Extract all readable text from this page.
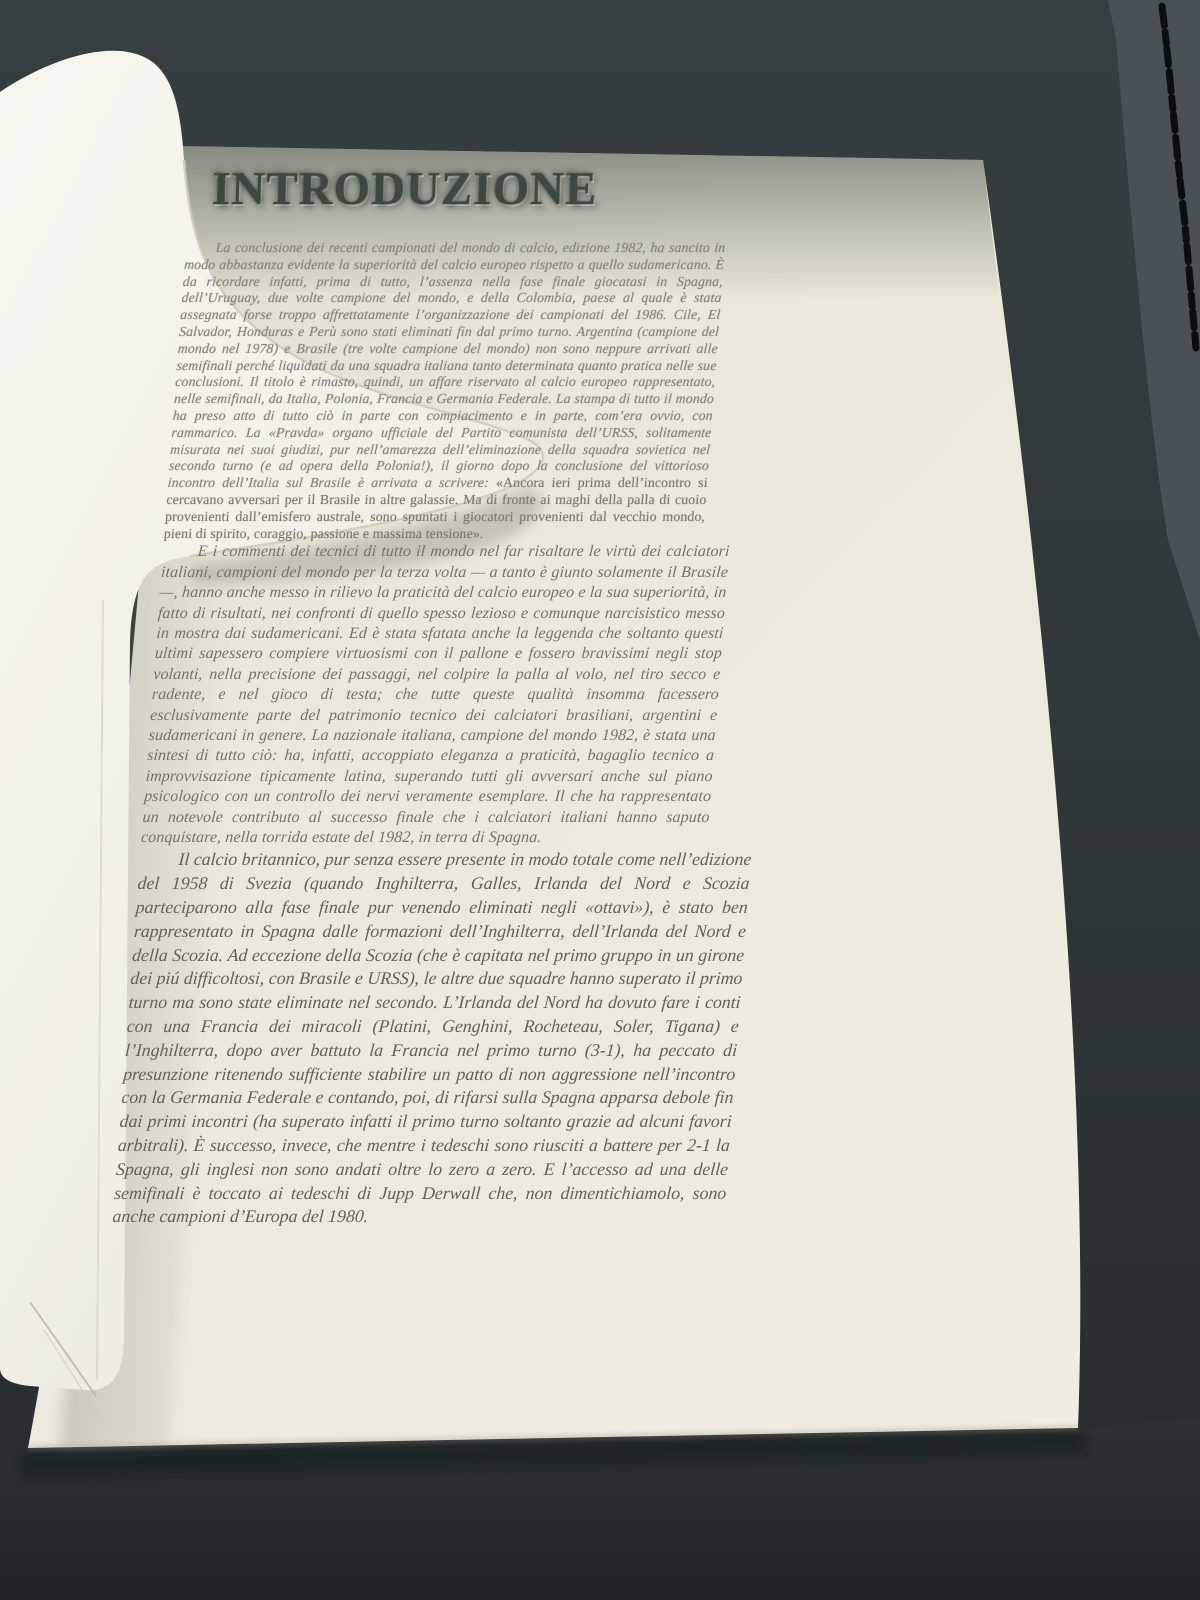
INTRODUZIONE

La conclusione dei recenti campionati del mondo di calcio, edizione 1982, ha sancito in modo abbastanza evidente la superiorità del calcio europeo rispetto a quello sudamericano. È da ricordare infatti, prima di tutto, l’assenza nella fase finale giocatasi in Spagna, dell’Uruguay, due volte campione del mondo, e della Colombia, paese al quale è stata assegnata forse troppo affrettatamente l’organizzazione dei campionati del 1986. Cile, El Salvador, Honduras e Perù sono stati eliminati fin dal primo turno. Argentina (campione del mondo nel 1978) e Brasile (tre volte campione del mondo) non sono neppure arrivati alle semifinali perché liquidati da una squadra italiana tanto determinata quanto pratica nelle sue conclusioni. Il titolo è rimasto, quindi, un affare riservato al calcio europeo rappresentato, nelle semifinali, da Italia, Polonia, Francia e Germania Federale. La stampa di tutto il mondo ha preso atto di tutto ciò in parte con compiacimento e in parte, com’era ovvio, con rammarico. La «Pravda» organo ufficiale del Partito comunista dell’URSS, solitamente misurata nei suoi giudizi, pur nell’amarezza dell’eliminazione della squadra sovietica nel secondo turno (e ad opera della Polonia!), il giorno dopo la conclusione del vittorioso incontro dell’Italia sul Brasile è arrivata a scrivere: «Ancora ieri prima dell’incontro si cercavano avversari per il Brasile in altre galassie. Ma di fronte ai maghi della palla di cuoio provenienti dall’emisfero australe, sono spuntati i giocatori provenienti dal vecchio mondo, pieni di spirito, coraggio, passione e massima tensione».

E i commenti dei tecnici di tutto il mondo nel far risaltare le virtù dei calciatori italiani, campioni del mondo per la terza volta — a tanto è giunto solamente il Brasile —, hanno anche messo in rilievo la praticità del calcio europeo e la sua superiorità, in fatto di risultati, nei confronti di quello spesso lezioso e comunque narcisistico messo in mostra dai sudamericani. Ed è stata sfatata anche la leggenda che soltanto questi ultimi sapessero compiere virtuosismi con il pallone e fossero bravissimi negli stop volanti, nella precisione dei passaggi, nel colpire la palla al volo, nel tiro secco e radente, e nel gioco di testa; che tutte queste qualità insomma facessero esclusivamente parte del patrimonio tecnico dei calciatori brasiliani, argentini e sudamericani in genere. La nazionale italiana, campione del mondo 1982, è stata una sintesi di tutto ciò: ha, infatti, accoppiato eleganza a praticità, bagaglio tecnico a improvvisazione tipicamente latina, superando tutti gli avversari anche sul piano psicologico con un controllo dei nervi veramente esemplare. Il che ha rappresentato un notevole contributo al successo finale che i calciatori italiani hanno saputo conquistare, nella torrida estate del 1982, in terra di Spagna.

Il calcio britannico, pur senza essere presente in modo totale come nell’edizione del 1958 di Svezia (quando Inghilterra, Galles, Irlanda del Nord e Scozia parteciparono alla fase finale pur venendo eliminati negli «ottavi»), è stato ben rappresentato in Spagna dalle formazioni dell’Inghilterra, dell’Irlanda del Nord e della Scozia. Ad eccezione della Scozia (che è capitata nel primo gruppo in un girone dei piú difficoltosi, con Brasile e URSS), le altre due squadre hanno superato il primo turno ma sono state eliminate nel secondo. L’Irlanda del Nord ha dovuto fare i conti con una Francia dei miracoli (Platini, Genghini, Rocheteau, Soler, Tigana) e l’Inghilterra, dopo aver battuto la Francia nel primo turno (3-1), ha peccato di presunzione ritenendo sufficiente stabilire un patto di non aggressione nell’incontro con la Germania Federale e contando, poi, di rifarsi sulla Spagna apparsa debole fin dai primi incontri (ha superato infatti il primo turno soltanto grazie ad alcuni favori arbitrali). È successo, invece, che mentre i tedeschi sono riusciti a battere per 2-1 la Spagna, gli inglesi non sono andati oltre lo zero a zero. E l’accesso ad una delle semifinali è toccato ai tedeschi di Jupp Derwall che, non dimentichiamolo, sono anche campioni d’Europa del 1980.
